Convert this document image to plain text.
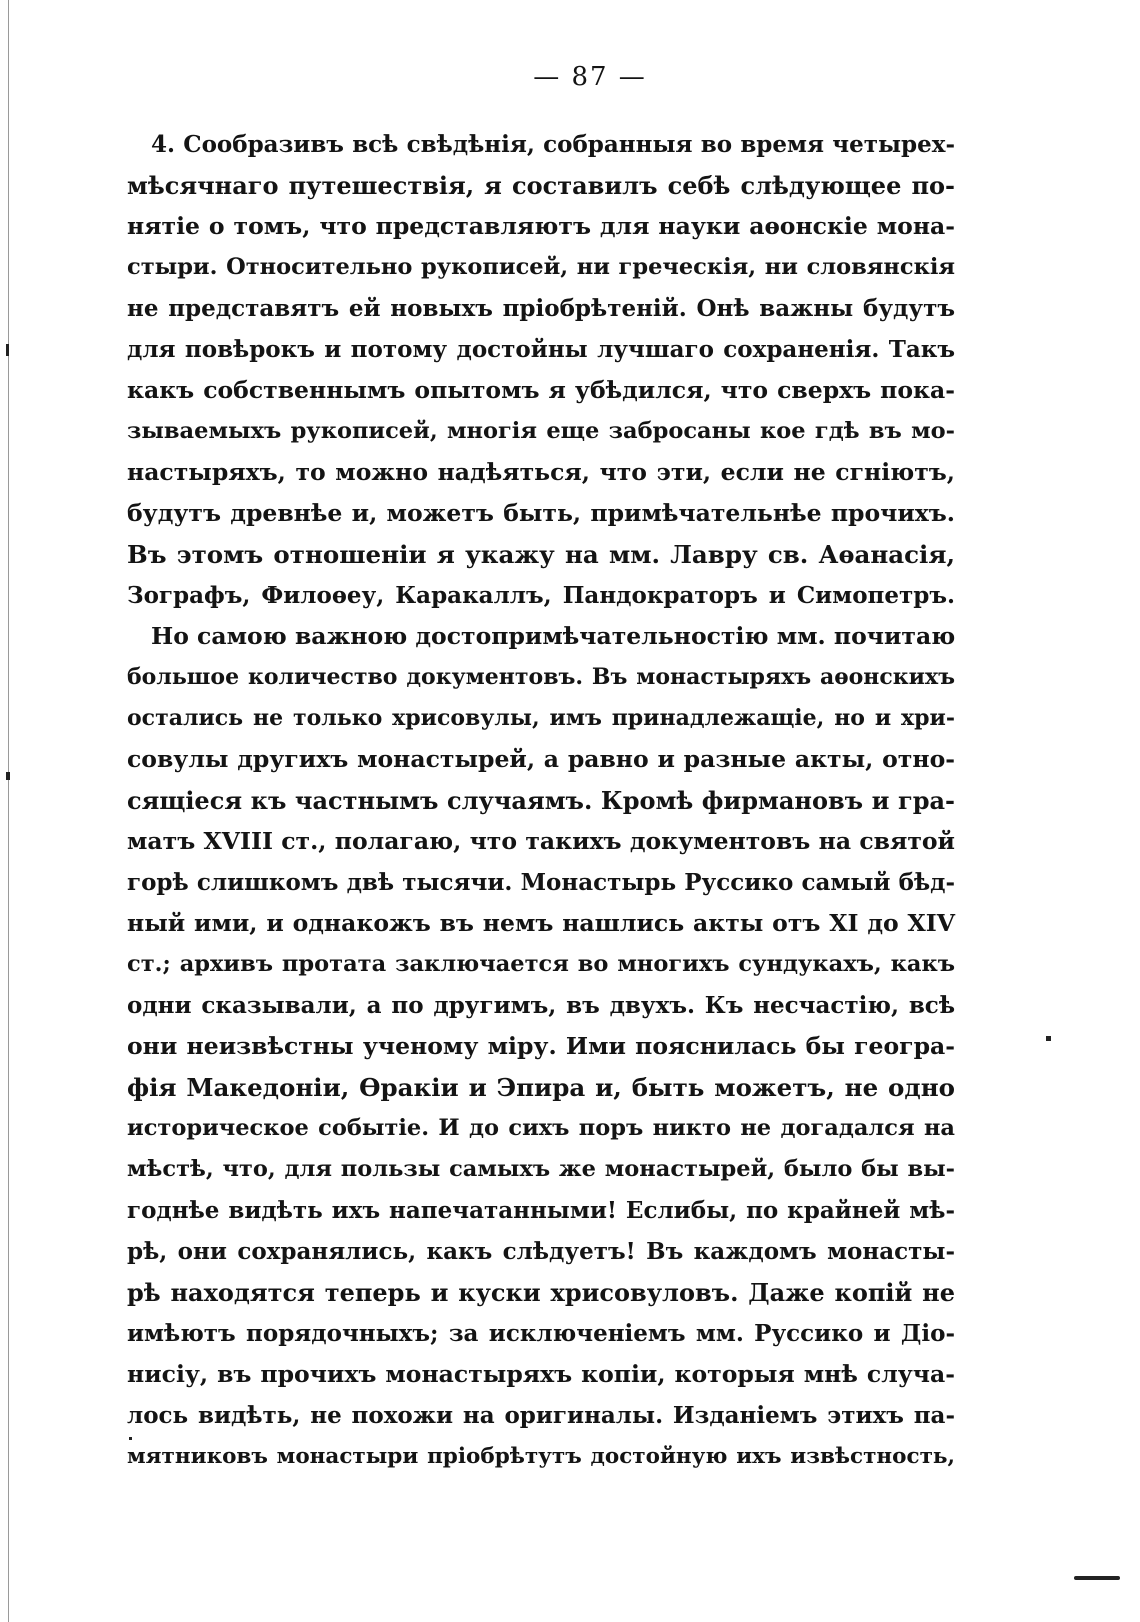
— 87 —
4. Сообразивъ всѣ свѣдѣнія, собранныя во время четырех-
мѣсячнаго путешествія, я составилъ себѣ слѣдующее по-
нятіе о томъ, что представляютъ для науки аѳонскіе мона-
стыри. Относительно рукописей, ни греческія, ни словянскія
не представятъ ей новыхъ пріобрѣтеній. Онѣ важны будутъ
для повѣрокъ и потому достойны лучшаго сохраненія. Такъ
какъ собственнымъ опытомъ я убѣдился, что сверхъ пока-
зываемыхъ рукописей, многія еще забросаны кое гдѣ въ мо-
настыряхъ, то можно надѣяться, что эти, если не сгніютъ,
будутъ древнѣе и, можетъ быть, примѣчательнѣе прочихъ.
Въ этомъ отношеніи я укажу на мм. Лавру св. Аѳанасія,
Зографъ, Филоѳеу, Каракаллъ, Пандократоръ и Симопетръ.
Но самою важною достопримѣчательностію мм. почитаю
большое количество документовъ. Въ монастыряхъ аѳонскихъ
остались не только хрисовулы, имъ принадлежащіе, но и хри-
совулы другихъ монастырей, а равно и разные акты, отно-
сящіеся къ частнымъ случаямъ. Кромѣ фирмановъ и гра-
матъ XVIII ст., полагаю, что такихъ документовъ на святой
горѣ слишкомъ двѣ тысячи. Монастырь Руссико самый бѣд-
ный ими, и однакожъ въ немъ нашлись акты отъ XI до XIV
ст.; архивъ протата заключается во многихъ сундукахъ, какъ
одни сказывали, а по другимъ, въ двухъ. Къ несчастію, всѣ
они неизвѣстны ученому міру. Ими пояснилась бы геогра-
фія Македоніи, Ѳракіи и Эпира и, быть можетъ, не одно
историческое событіе. И до сихъ поръ никто не догадался на
мѣстѣ, что, для пользы самыхъ же монастырей, было бы вы-
годнѣе видѣть ихъ напечатанными! Еслибы, по крайней мѣ-
рѣ, они сохранялись, какъ слѣдуетъ! Въ каждомъ монасты-
рѣ находятся теперь и куски хрисовуловъ. Даже копій не
имѣютъ порядочныхъ; за исключеніемъ мм. Руссико и Діо-
нисіу, въ прочихъ монастыряхъ копіи, которыя мнѣ случа-
лось видѣть, не похожи на оригиналы. Изданіемъ этихъ па-
мятниковъ монастыри пріобрѣтутъ достойную ихъ извѣстность,
